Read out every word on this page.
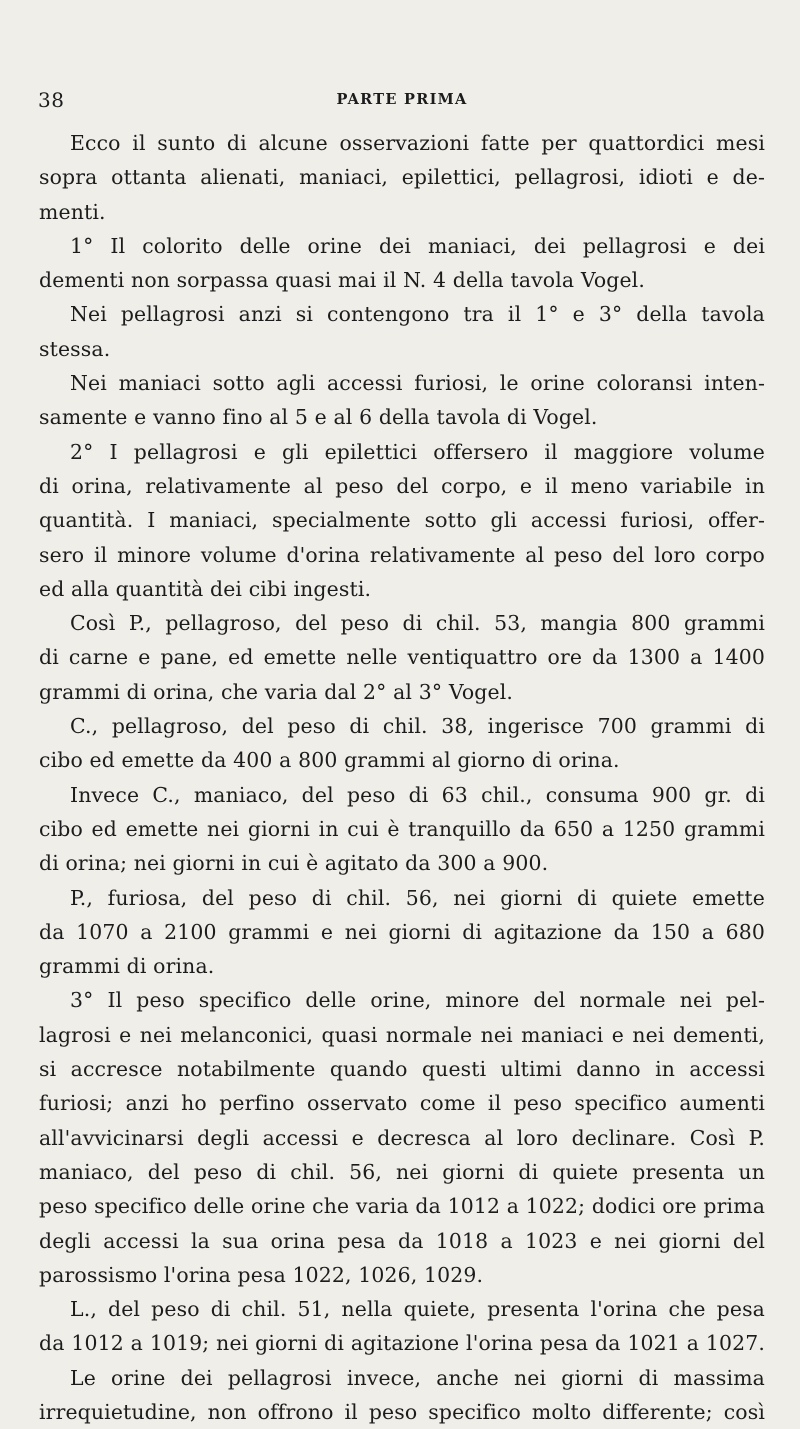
38	PARTE PRIMA
Ecco il sunto di alcune osservazioni fatte per quattordici mesi
sopra ottanta alienati, maniaci, epilettici, pellagrosi, idioti e de-
menti.
1° Il colorito delle orine dei maniaci, dei pellagrosi e dei
dementi non sorpassa quasi mai il N. 4 della tavola Vogel.
Nei pellagrosi anzi si contengono tra il 1° e 3° della tavola
stessa.
Nei maniaci sotto agli accessi furiosi, le orine coloransi inten-
samente e vanno fino al 5 e al 6 della tavola di Vogel.
2° I pellagrosi e gli epilettici offersero il maggiore volume
di orina, relativamente al peso del corpo, e il meno variabile in
quantità. I maniaci, specialmente sotto gli accessi furiosi, offer-
sero il minore volume d'orina relativamente al peso del loro corpo
ed alla quantità dei cibi ingesti.
Così P., pellagroso, del peso di chil. 53, mangia 800 grammi
di carne e pane, ed emette nelle ventiquattro ore da 1300 a 1400
grammi di orina, che varia dal 2° al 3° Vogel.
C., pellagroso, del peso di chil. 38, ingerisce 700 grammi di
cibo ed emette da 400 a 800 grammi al giorno di orina.
Invece C., maniaco, del peso di 63 chil., consuma 900 gr. di
cibo ed emette nei giorni in cui è tranquillo da 650 a 1250 grammi
di orina; nei giorni in cui è agitato da 300 a 900.
P., furiosa, del peso di chil. 56, nei giorni di quiete emette
da 1070 a 2100 grammi e nei giorni di agitazione da 150 a 680
grammi di orina.
3° Il peso specifico delle orine, minore del normale nei pel-
lagrosi e nei melanconici, quasi normale nei maniaci e nei dementi,
si accresce notabilmente quando questi ultimi danno in accessi
furiosi; anzi ho perfino osservato come il peso specifico aumenti
all'avvicinarsi degli accessi e decresca al loro declinare. Così P.
maniaco, del peso di chil. 56, nei giorni di quiete presenta un
peso specifico delle orine che varia da 1012 a 1022; dodici ore prima
degli accessi la sua orina pesa da 1018 a 1023 e nei giorni del
parossismo l'orina pesa 1022, 1026, 1029.
L., del peso di chil. 51, nella quiete, presenta l'orina che pesa
da 1012 a 1019; nei giorni di agitazione l'orina pesa da 1021 a 1027.
Le orine dei pellagrosi invece, anche nei giorni di massima
irrequietudine, non offrono il peso specifico molto differente; così
